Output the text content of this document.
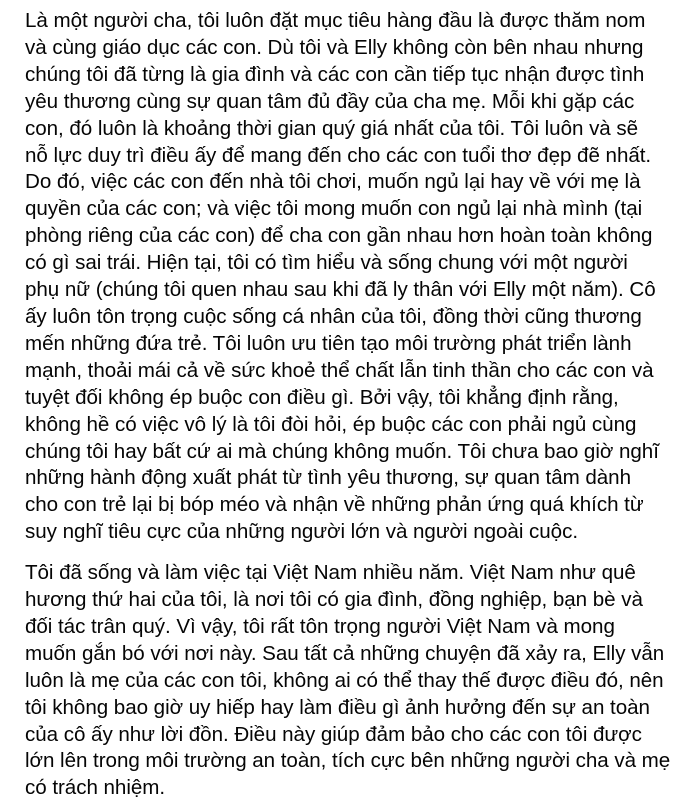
Là một người cha, tôi luôn đặt mục tiêu hàng đầu là được thăm nom
và cùng giáo dục các con. Dù tôi và Elly không còn bên nhau nhưng
chúng tôi đã từng là gia đình và các con cần tiếp tục nhận được tình
yêu thương cùng sự quan tâm đủ đầy của cha mẹ. Mỗi khi gặp các
con, đó luôn là khoảng thời gian quý giá nhất của tôi. Tôi luôn và sẽ
nỗ lực duy trì điều ấy để mang đến cho các con tuổi thơ đẹp đẽ nhất.
Do đó, việc các con đến nhà tôi chơi, muốn ngủ lại hay về với mẹ là
quyền của các con; và việc tôi mong muốn con ngủ lại nhà mình (tại
phòng riêng của các con) để cha con gần nhau hơn hoàn toàn không
có gì sai trái. Hiện tại, tôi có tìm hiểu và sống chung với một người
phụ nữ (chúng tôi quen nhau sau khi đã ly thân với Elly một năm). Cô
ấy luôn tôn trọng cuộc sống cá nhân của tôi, đồng thời cũng thương
mến những đứa trẻ. Tôi luôn ưu tiên tạo môi trường phát triển lành
mạnh, thoải mái cả về sức khoẻ thể chất lẫn tinh thần cho các con và
tuyệt đối không ép buộc con điều gì. Bởi vậy, tôi khẳng định rằng,
không hề có việc vô lý là tôi đòi hỏi, ép buộc các con phải ngủ cùng
chúng tôi hay bất cứ ai mà chúng không muốn. Tôi chưa bao giờ nghĩ
những hành động xuất phát từ tình yêu thương, sự quan tâm dành
cho con trẻ lại bị bóp méo và nhận về những phản ứng quá khích từ
suy nghĩ tiêu cực của những người lớn và người ngoài cuộc.

Tôi đã sống và làm việc tại Việt Nam nhiều năm. Việt Nam như quê
hương thứ hai của tôi, là nơi tôi có gia đình, đồng nghiệp, bạn bè và
đối tác trân quý. Vì vậy, tôi rất tôn trọng người Việt Nam và mong
muốn gắn bó với nơi này. Sau tất cả những chuyện đã xảy ra, Elly vẫn
luôn là mẹ của các con tôi, không ai có thể thay thế được điều đó, nên
tôi không bao giờ uy hiếp hay làm điều gì ảnh hưởng đến sự an toàn
của cô ấy như lời đồn. Điều này giúp đảm bảo cho các con tôi được
lớn lên trong môi trường an toàn, tích cực bên những người cha và mẹ
có trách nhiệm.
